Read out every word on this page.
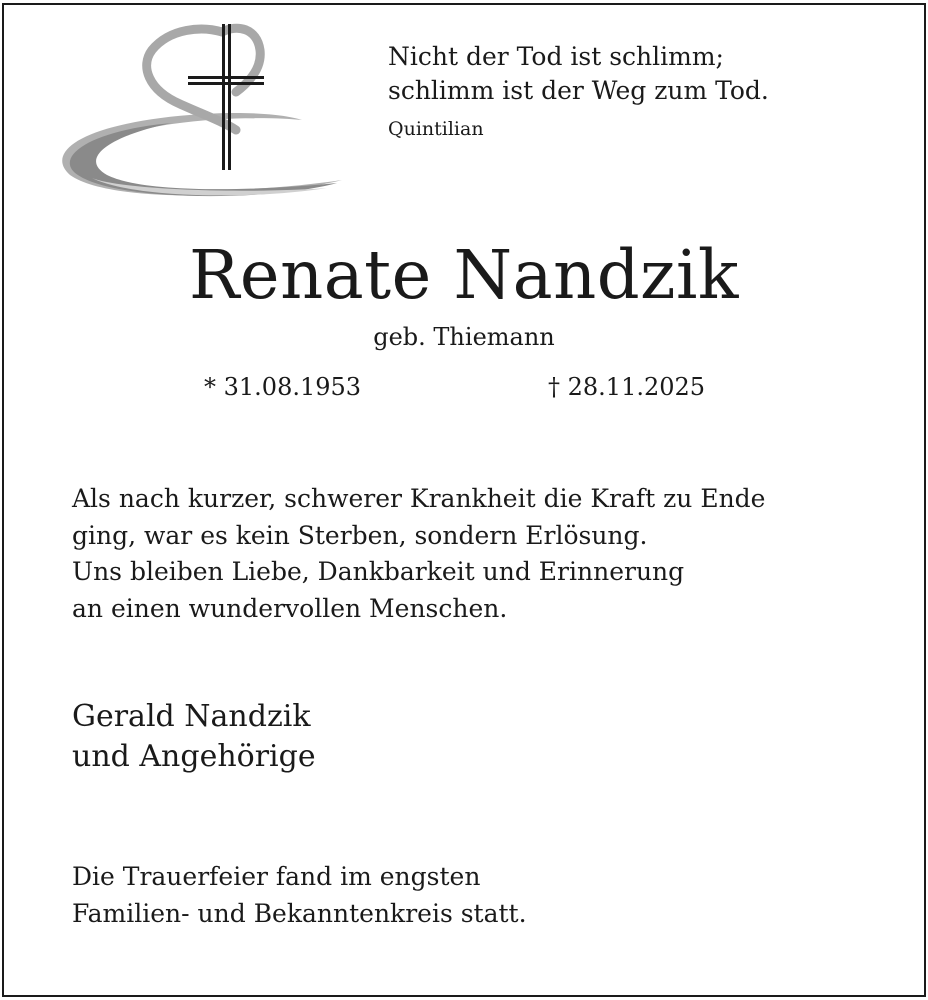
Nicht der Tod ist schlimm;
schlimm ist der Weg zum Tod.
Quintilian
Renate Nandzik
geb. Thiemann
* 31.08.1953	† 28.11.2025
Als nach kurzer, schwerer Krankheit die Kraft zu Ende
ging, war es kein Sterben, sondern Erlösung.
Uns bleiben Liebe, Dankbarkeit und Erinnerung
an einen wundervollen Menschen.
Gerald Nandzik
und Angehörige
Die Trauerfeier fand im engsten
Familien- und Bekanntenkreis statt.
